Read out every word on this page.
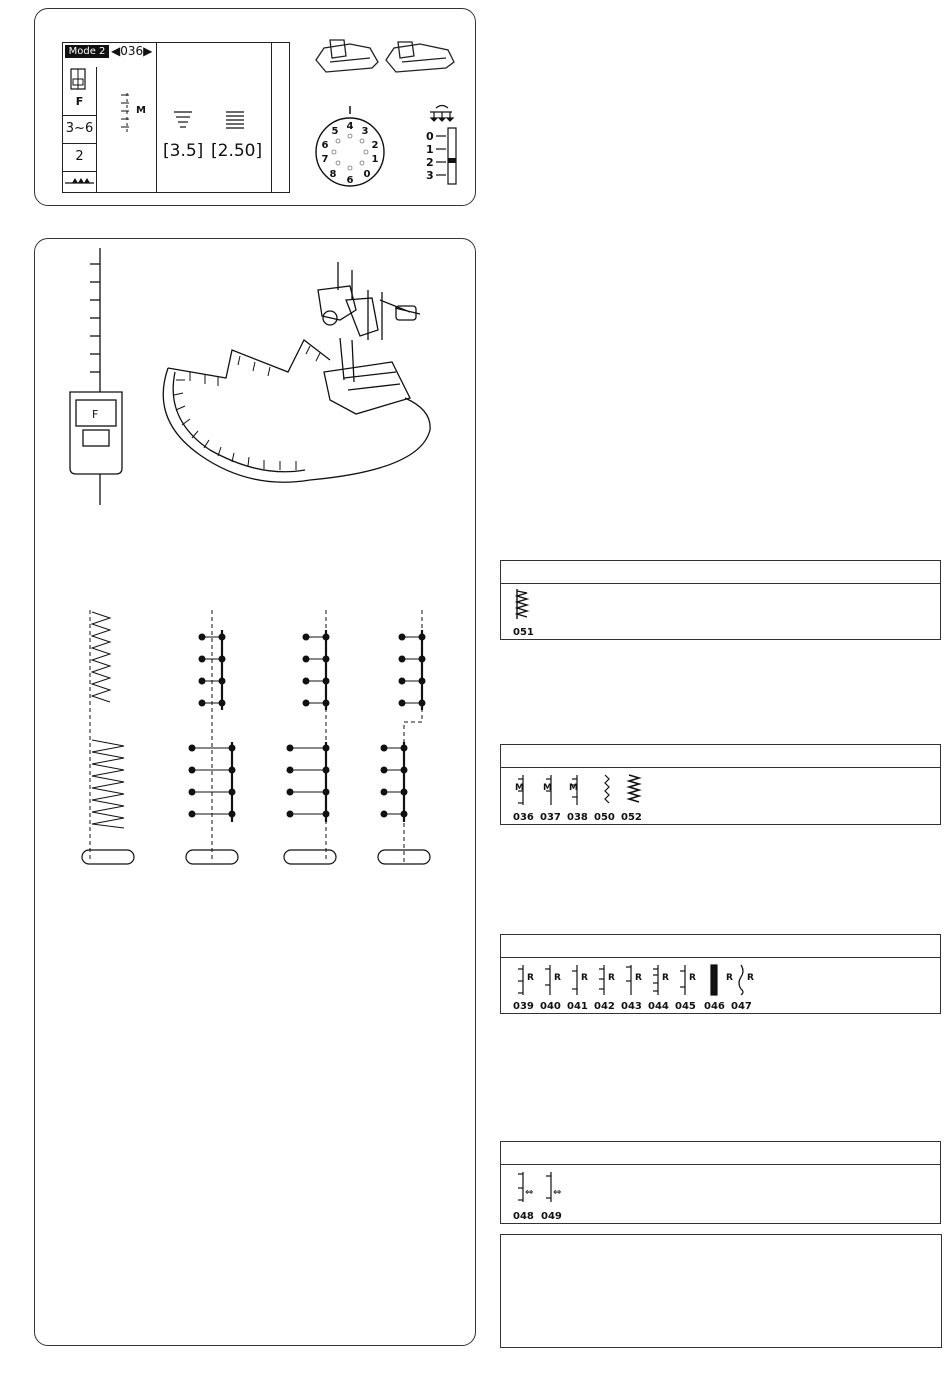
Mode 2 ◀036▶
F
3~6
2
M
[3.5] [2.50]
4 3
2
1
0
6
8
7
6
5	0
1
2
3
F
051
M M M
036 037 038 050 052
R R R R R R R	R R
039 040 041 042 043 044 045 046 047
⇔ ⇔
048 049
